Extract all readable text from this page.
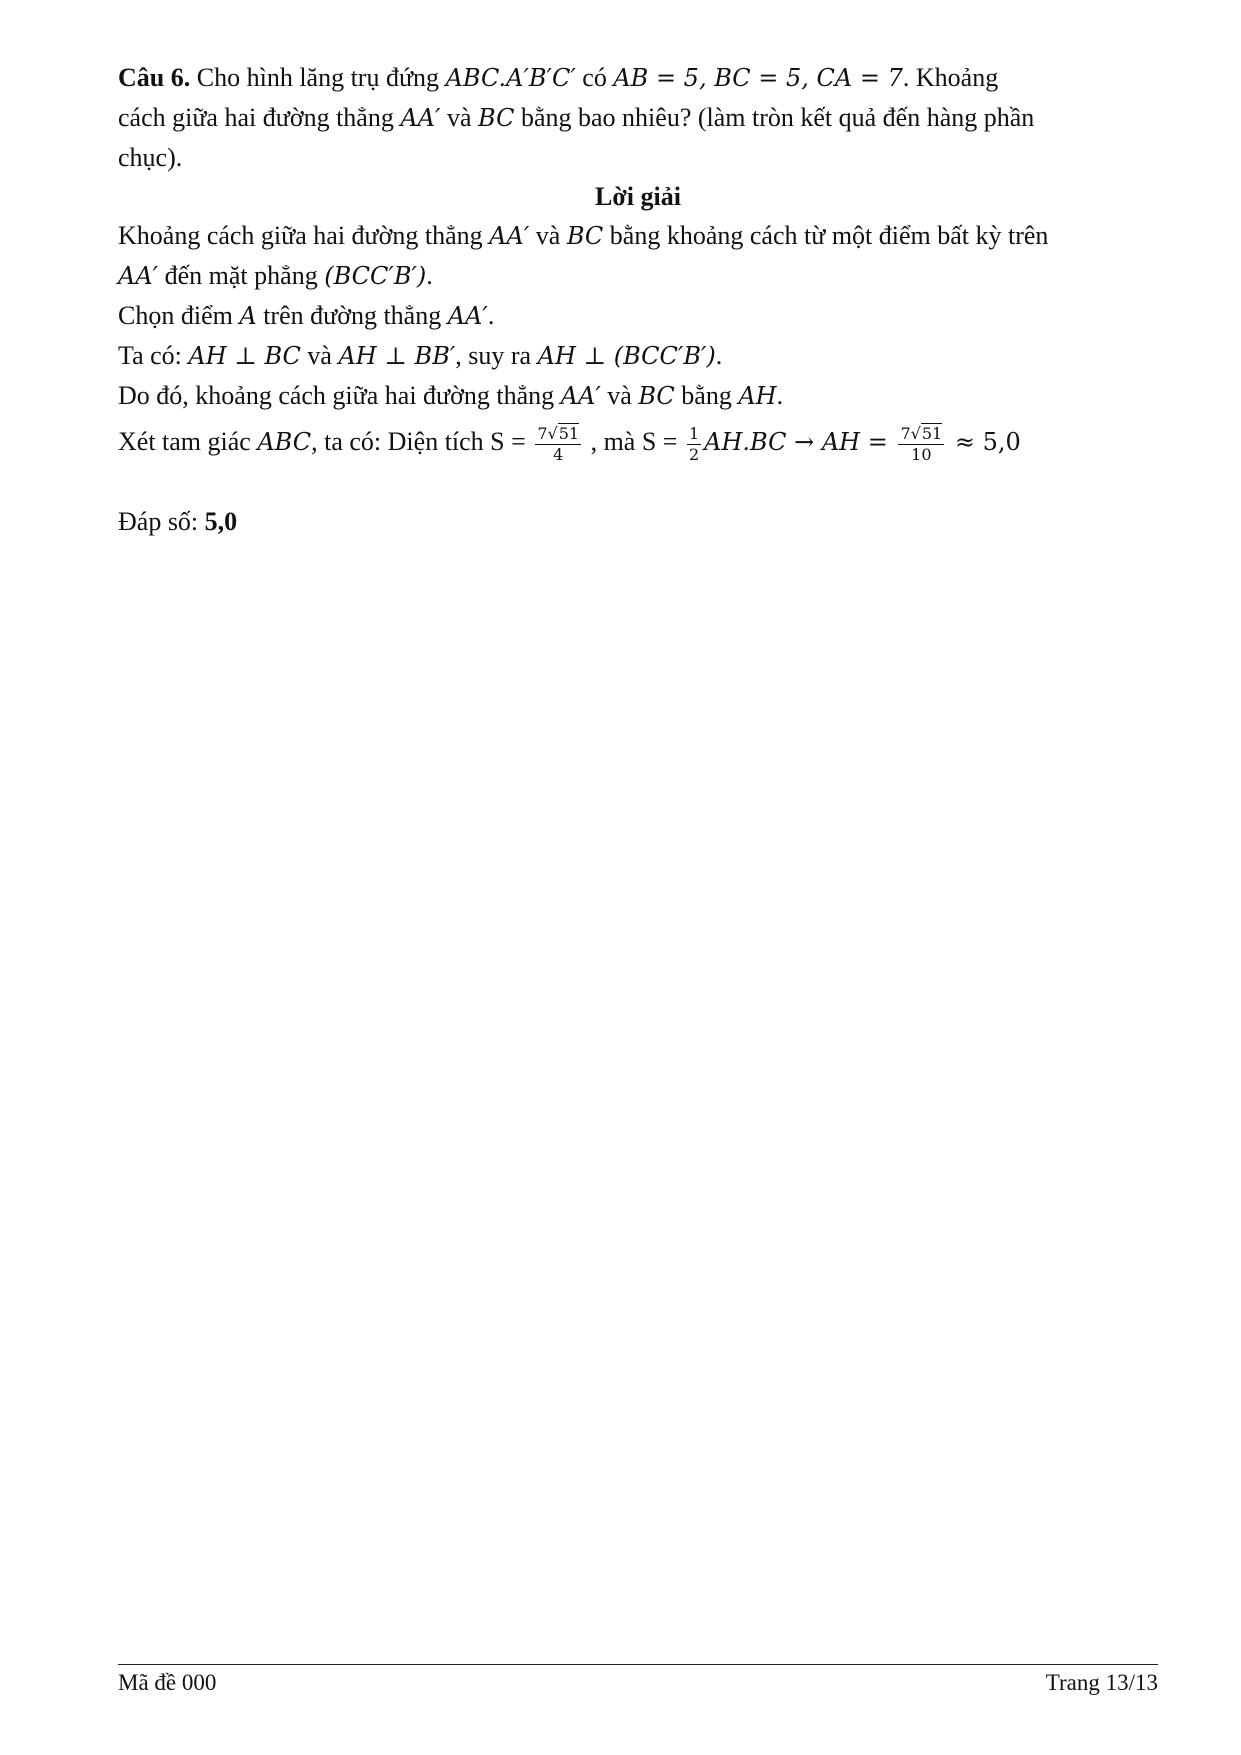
Câu 6. Cho hình lăng trụ đứng ABC.A′B′C′ có AB = 5, BC = 5, CA = 7. Khoảng
cách giữa hai đường thẳng AA′ và BC bằng bao nhiêu? (làm tròn kết quả đến hàng phần
chục).
Lời giải
Khoảng cách giữa hai đường thẳng AA′ và BC bằng khoảng cách từ một điểm bất kỳ trên
AA′ đến mặt phẳng (BCC′B′).
Chọn điểm A trên đường thẳng AA′.
Ta có: AH ⊥ BC và AH ⊥ BB′, suy ra AH ⊥ (BCC′B′).
Do đó, khoảng cách giữa hai đường thẳng AA′ và BC bằng AH.
Xét tam giác ABC, ta có: Diện tích $S = \frac{7√51}{4}$ , mà $S = \frac{1}{2} AH.BC$ → AH = $\frac{7√51}{10} \approx 5,0$
Đáp số: 5,0
Mã đề 000	Trang 13/13
